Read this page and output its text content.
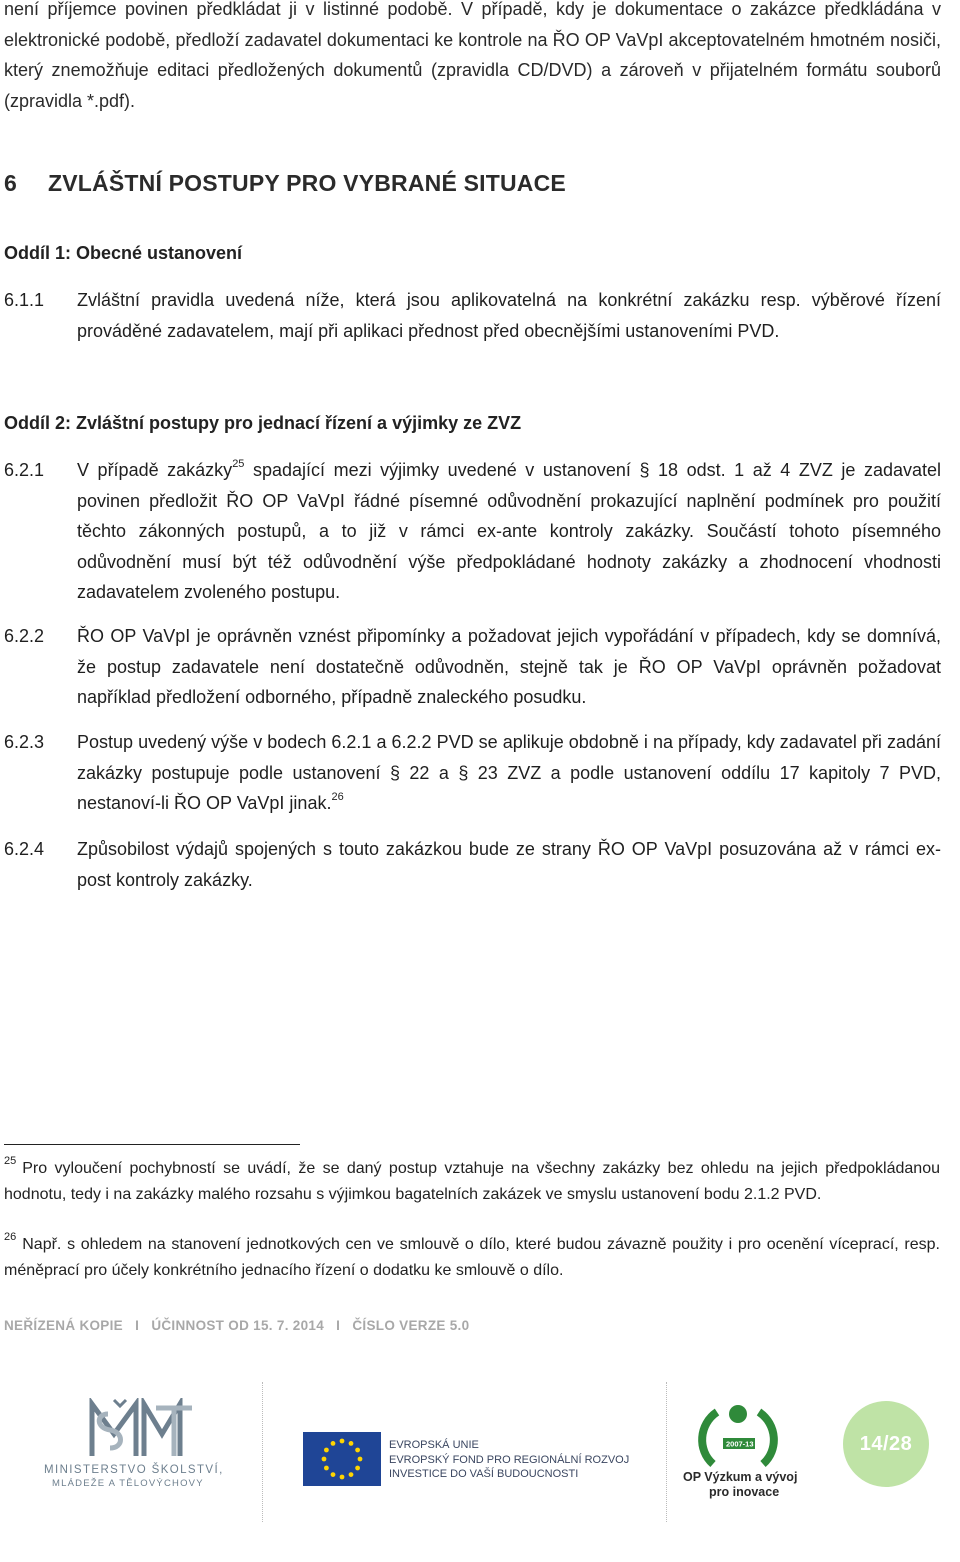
není příjemce povinen předkládat ji v listinné podobě. V případě, kdy je dokumentace o zakázce předkládána v elektronické podobě, předloží zadavatel dokumentaci ke kontrole na ŘO OP VaVpI akceptovatelném hmotném nosiči, který znemožňuje editaci předložených dokumentů (zpravidla CD/DVD) a zároveň v přijatelném formátu souborů (zpravidla *.pdf).

6 ZVLÁŠTNÍ POSTUPY PRO VYBRANÉ SITUACE
Oddíl 1: Obecné ustanovení
6.1.1	Zvláštní pravidla uvedená níže, která jsou aplikovatelná na konkrétní zakázku resp. výběrové řízení prováděné zadavatelem, mají při aplikaci přednost před obecnějšími ustanoveními PVD.
Oddíl 2: Zvláštní postupy pro jednací řízení a výjimky ze ZVZ
6.2.1	V případě zakázky$^{25}$ spadající mezi výjimky uvedené v ustanovení § 18 odst. 1 až 4 ZVZ je zadavatel povinen předložit ŘO OP VaVpI řádné písemné odůvodnění prokazující naplnění podmínek pro použití těchto zákonných postupů, a to již v rámci ex-ante kontroly zakázky. Součástí tohoto písemného odůvodnění musí být též odůvodnění výše předpokládané hodnoty zakázky a zhodnocení vhodnosti zadavatelem zvoleného postupu.
6.2.2	ŘO OP VaVpI je oprávněn vznést připomínky a požadovat jejich vypořádání v případech, kdy se domnívá, že postup zadavatele není dostatečně odůvodněn, stejně tak je ŘO OP VaVpI oprávněn požadovat například předložení odborného, případně znaleckého posudku.
6.2.3	Postup uvedený výše v bodech 6.2.1 a 6.2.2 PVD se aplikuje obdobně i na případy, kdy zadavatel při zadání zakázky postupuje podle ustanovení § 22 a § 23 ZVZ a podle ustanovení oddílu 17 kapitoly 7 PVD, nestanoví-li ŘO OP VaVpI jinak.$^{26}$
6.2.4	Způsobilost výdajů spojených s touto zakázkou bude ze strany ŘO OP VaVpI posuzována až v rámci ex-post kontroly zakázky.

$^{25}$ Pro vyloučení pochybností se uvádí, že se daný postup vztahuje na všechny zakázky bez ohledu na jejich předpokládanou hodnotu, tedy i na zakázky malého rozsahu s výjimkou bagatelních zakázek ve smyslu ustanovení bodu 2.1.2 PVD.

$^{26}$ Např. s ohledem na stanovení jednotkových cen ve smlouvě o dílo, které budou závazně použity i pro ocenění víceprací, resp. méněprací pro účely konkrétního jednacího řízení o dodatku ke smlouvě o dílo.

NEŘÍZENÁ KOPIE   I   ÚČINNOST OD 15. 7. 2014   I   ČÍSLO VERZE 5.0
MINISTERSTVO ŠKOLSTVÍ,
MLÁDEŽE A TĚLOVÝCHOVY
EVROPSKÁ UNIE
EVROPSKÝ FOND PRO REGIONÁLNÍ ROZVOJ
INVESTICE DO VAŠÍ BUDOUCNOSTI
2007-13
OP Výzkum a vývoj
pro inovace
14/28
